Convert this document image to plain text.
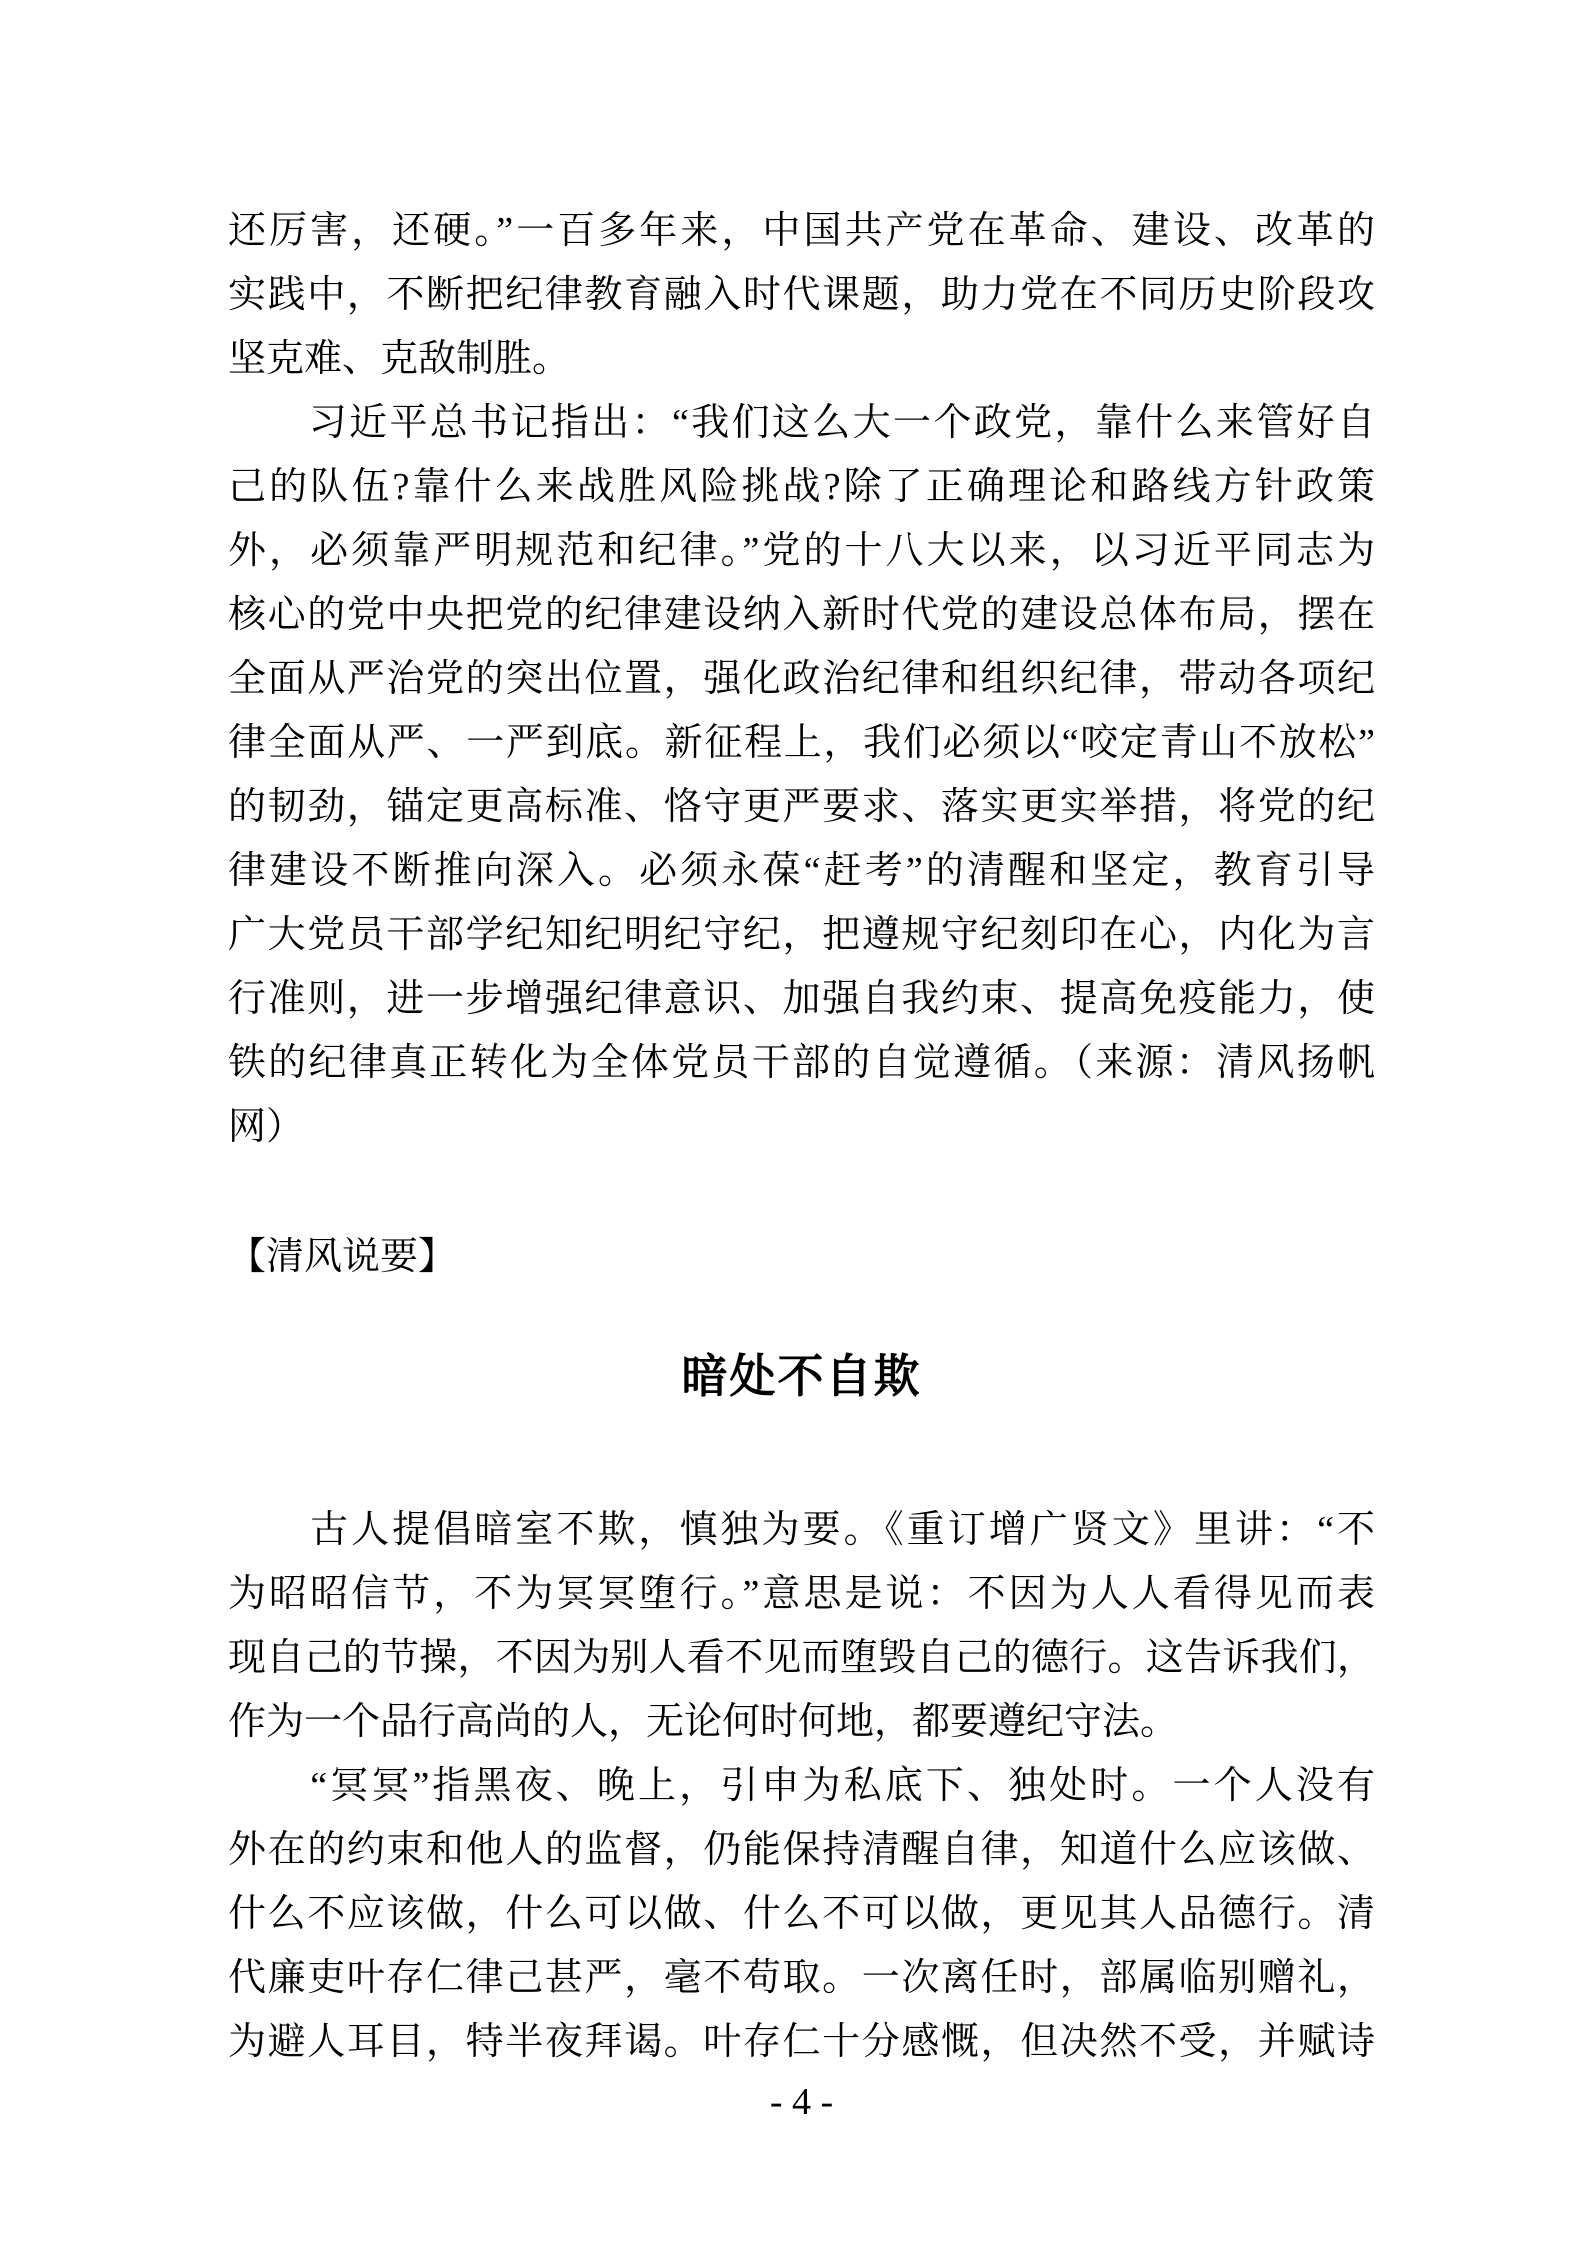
还厉害，还硬。”一百多年来，中国共产党在革命、建设、改革的
实践中，不断把纪律教育融入时代课题，助力党在不同历史阶段攻
坚克难、克敌制胜。
　　习近平总书记指出：“我们这么大一个政党，靠什么来管好自
己的队伍?靠什么来战胜风险挑战?除了正确理论和路线方针政策
外，必须靠严明规范和纪律。”党的十八大以来，以习近平同志为
核心的党中央把党的纪律建设纳入新时代党的建设总体布局，摆在
全面从严治党的突出位置，强化政治纪律和组织纪律，带动各项纪
律全面从严、一严到底。新征程上，我们必须以“咬定青山不放松”
的韧劲，锚定更高标准、恪守更严要求、落实更实举措，将党的纪
律建设不断推向深入。必须永葆“赶考”的清醒和坚定，教育引导
广大党员干部学纪知纪明纪守纪，把遵规守纪刻印在心，内化为言
行准则，进一步增强纪律意识、加强自我约束、提高免疫能力，使
铁的纪律真正转化为全体党员干部的自觉遵循。（来源：清风扬帆
网）
【清风说要】
暗处不自欺
　　古人提倡暗室不欺，慎独为要。《重订增广贤文》里讲：“不
为昭昭信节，不为冥冥堕行。”意思是说：不因为人人看得见而表
现自己的节操，不因为别人看不见而堕毁自己的德行。这告诉我们，
作为一个品行高尚的人，无论何时何地，都要遵纪守法。
　　“冥冥”指黑夜、晚上，引申为私底下、独处时。一个人没有
外在的约束和他人的监督，仍能保持清醒自律，知道什么应该做、
什么不应该做，什么可以做、什么不可以做，更见其人品德行。清
代廉吏叶存仁律己甚严，毫不苟取。一次离任时，部属临别赠礼，
为避人耳目，特半夜拜谒。叶存仁十分感慨，但决然不受，并赋诗
- 4 -
